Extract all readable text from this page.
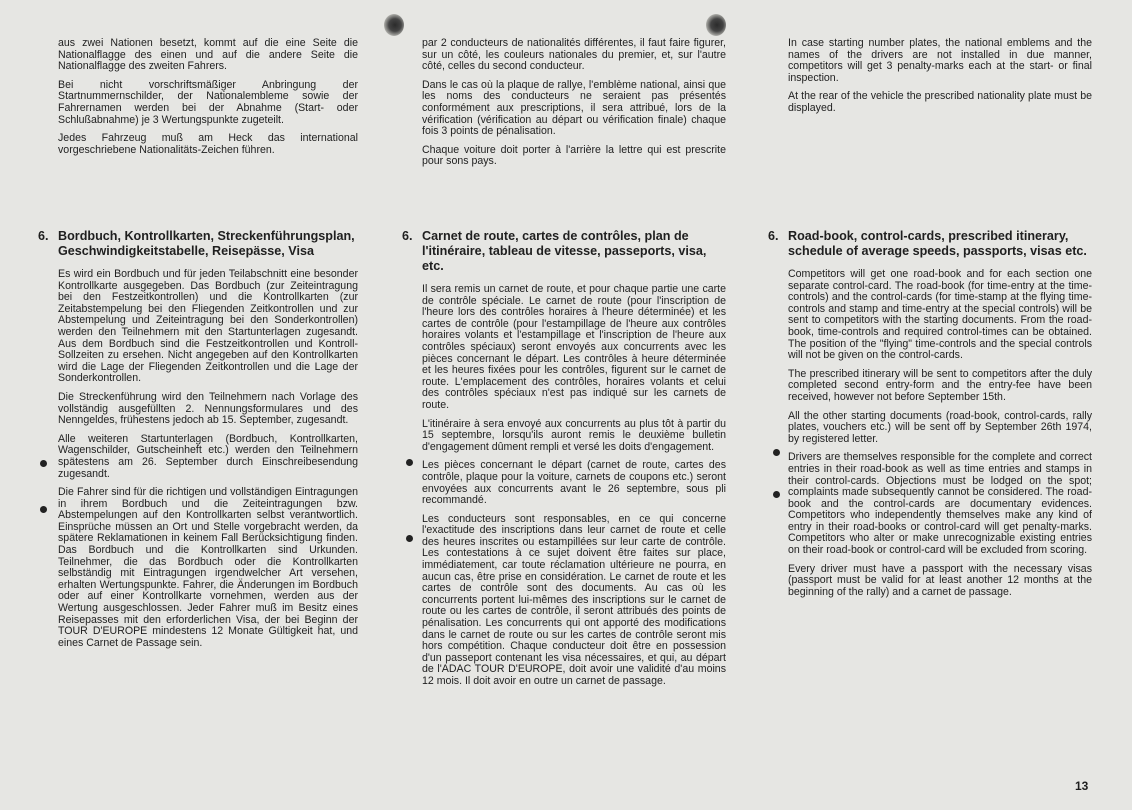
aus zwei Nationen besetzt, kommt auf die eine Seite die Nationalflagge des einen und auf die andere Seite die Nationalflagge des zweiten Fahrers.

Bei nicht vorschriftsmäßiger Anbringung der Startnummernschilder, der Nationalembleme sowie der Fahrernamen werden bei der Abnahme (Start- oder Schlußabnahme) je 3 Wertungspunkte zugeteilt.

Jedes Fahrzeug muß am Heck das international vorgeschriebene Nationalitäts-Zeichen führen.

par 2 conducteurs de nationalités différentes, il faut faire figurer, sur un côté, les couleurs nationales du premier, et, sur l'autre côté, celles du second conducteur.

Dans le cas où la plaque de rallye, l'emblème national, ainsi que les noms des conducteurs ne seraient pas présentés conformément aux prescriptions, il sera attribué, lors de la vérification (vérification au départ ou vérification finale) chaque fois 3 points de pénalisation.

Chaque voiture doit porter à l'arrière la lettre qui est prescrite pour sons pays.

In case starting number plates, the national emblems and the names of the drivers are not installed in due manner, competitors will get 3 penalty-marks each at the start- or final inspection.

At the rear of the vehicle the prescribed nationality plate must be displayed.

6. Bordbuch, Kontrollkarten, Streckenführungsplan, Geschwindigkeitstabelle, Reisepässe, Visa

Es wird ein Bordbuch und für jeden Teilabschnitt eine besonder Kontrollkarte ausgegeben. Das Bordbuch (zur Zeiteintragung bei den Festzeitkontrollen) und die Kontrollkarten (zur Zeitabstempelung bei den Fliegenden Zeitkontrollen und zur Abstempelung und Zeiteintragung bei den Sonderkontrollen) werden den Teilnehmern mit den Startunterlagen zugesandt. Aus dem Bordbuch sind die Festzeitkontrollen und Kontroll-Sollzeiten zu ersehen. Nicht angegeben auf den Kontrollkarten wird die Lage der Fliegenden Zeitkontrollen und die Lage der Sonderkontrollen.

Die Streckenführung wird den Teilnehmern nach Vorlage des vollständig ausgefüllten 2. Nennungsformulares und des Nenngeldes, frühestens jedoch ab 15. September, zugesandt.

Alle weiteren Startunterlagen (Bordbuch, Kontrollkarten, Wagenschilder, Gutscheinheft etc.) werden den Teilnehmern spätestens am 26. September durch Einschreibesendung zugesandt.

Die Fahrer sind für die richtigen und vollständigen Eintragungen in ihrem Bordbuch und die Zeiteintragungen bzw. Abstempelungen auf den Kontrollkarten selbst verantwortlich. Einsprüche müssen an Ort und Stelle vorgebracht werden, da spätere Reklamationen in keinem Fall Berücksichtigung finden. Das Bordbuch und die Kontrollkarten sind Urkunden. Teilnehmer, die das Bordbuch oder die Kontrollkarten selbständig mit Eintragungen irgendwelcher Art versehen, erhalten Wertungspunkte. Fahrer, die Änderungen im Bordbuch oder auf einer Kontrollkarte vornehmen, werden aus der Wertung ausgeschlossen. Jeder Fahrer muß im Besitz eines Reisepasses mit den erforderlichen Visa, der bei Beginn der TOUR D'EUROPE mindestens 12 Monate Gültigkeit hat, und eines Carnet de Passage sein.

6. Carnet de route, cartes de contrôles, plan de l'itinéraire, tableau de vitesse, passeports, visa, etc.

Il sera remis un carnet de route, et pour chaque partie une carte de contrôle spéciale. Le carnet de route (pour l'inscription de l'heure lors des contrôles horaires à l'heure déterminée) et les cartes de contrôle (pour l'estampillage de l'heure aux contrôles horaires volants et l'estampillage et l'inscription de l'heure aux contrôles spéciaux) seront envoyés aux concurrents avec les pièces concernant le départ. Les contrôles à heure déterminée et les heures fixées pour les contrôles, figurent sur le carnet de route. L'emplacement des contrôles, horaires volants et celui des contrôles spéciaux n'est pas indiqué sur les carnets de route.

L'itinéraire à sera envoyé aux concurrents au plus tôt à partir du 15 septembre, lorsqu'ils auront remis le deuxième bulletin d'engagement dûment rempli et versé les doits d'engagement.

Les pièces concernant le départ (carnet de route, cartes des contrôle, plaque pour la voiture, carnets de coupons etc.) seront envoyées aux concurrents avant le 26 septembre, sous pli recommandé.

Les conducteurs sont responsables, en ce qui concerne l'exactitude des inscriptions dans leur carnet de route et celle des heures inscrites ou estampillées sur leur carte de contrôle. Les contestations à ce sujet doivent être faites sur place, immédiatement, car toute réclamation ultérieure ne pourra, en aucun cas, être prise en considération. Le carnet de route et les cartes de contrôle sont des documents. Au cas où les concurrents portent lui-mêmes des inscriptions sur le carnet de route ou les cartes de contrôle, il seront attribués des points de pénalisation. Les concurrents qui ont apporté des modifications dans le carnet de route ou sur les cartes de contrôle seront mis hors compétition. Chaque conducteur doit être en possession d'un passeport contenant les visa nécessaires, et qui, au départ de l'ADAC TOUR D'EUROPE, doit avoir une validité d'au moins 12 mois. Il doit avoir en outre un carnet de passage.

6. Road-book, control-cards, prescribed itinerary, schedule of average speeds, passports, visas etc.

Competitors will get one road-book and for each section one separate control-card. The road-book (for time-entry at the time-controls) and the control-cards (for time-stamp at the flying time-controls and stamp and time-entry at the special controls) will be sent to competitors with the starting documents. From the road-book, time-controls and required control-times can be obtained. The position of the "flying" time-controls and the special controls will not be given on the control-cards.

The prescribed itinerary will be sent to competitors after the duly completed second entry-form and the entry-fee have been received, however not before September 15th.

All the other starting documents (road-book, control-cards, rally plates, vouchers etc.) will be sent off by September 26th 1974, by registered letter.

Drivers are themselves responsible for the complete and correct entries in their road-book as well as time entries and stamps in their control-cards. Objections must be lodged on the spot; complaints made subsequently cannot be considered. The road-book and the control-cards are documentary evidences. Competitors who independently themselves make any kind of entry in their road-books or control-card will get penalty-marks. Competitors who alter or make unrecognizable existing entries on their road-book or control-card will be excluded from scoring.

Every driver must have a passport with the necessary visas (passport must be valid for at least another 12 months at the beginning of the rally) and a carnet de passage.

13
